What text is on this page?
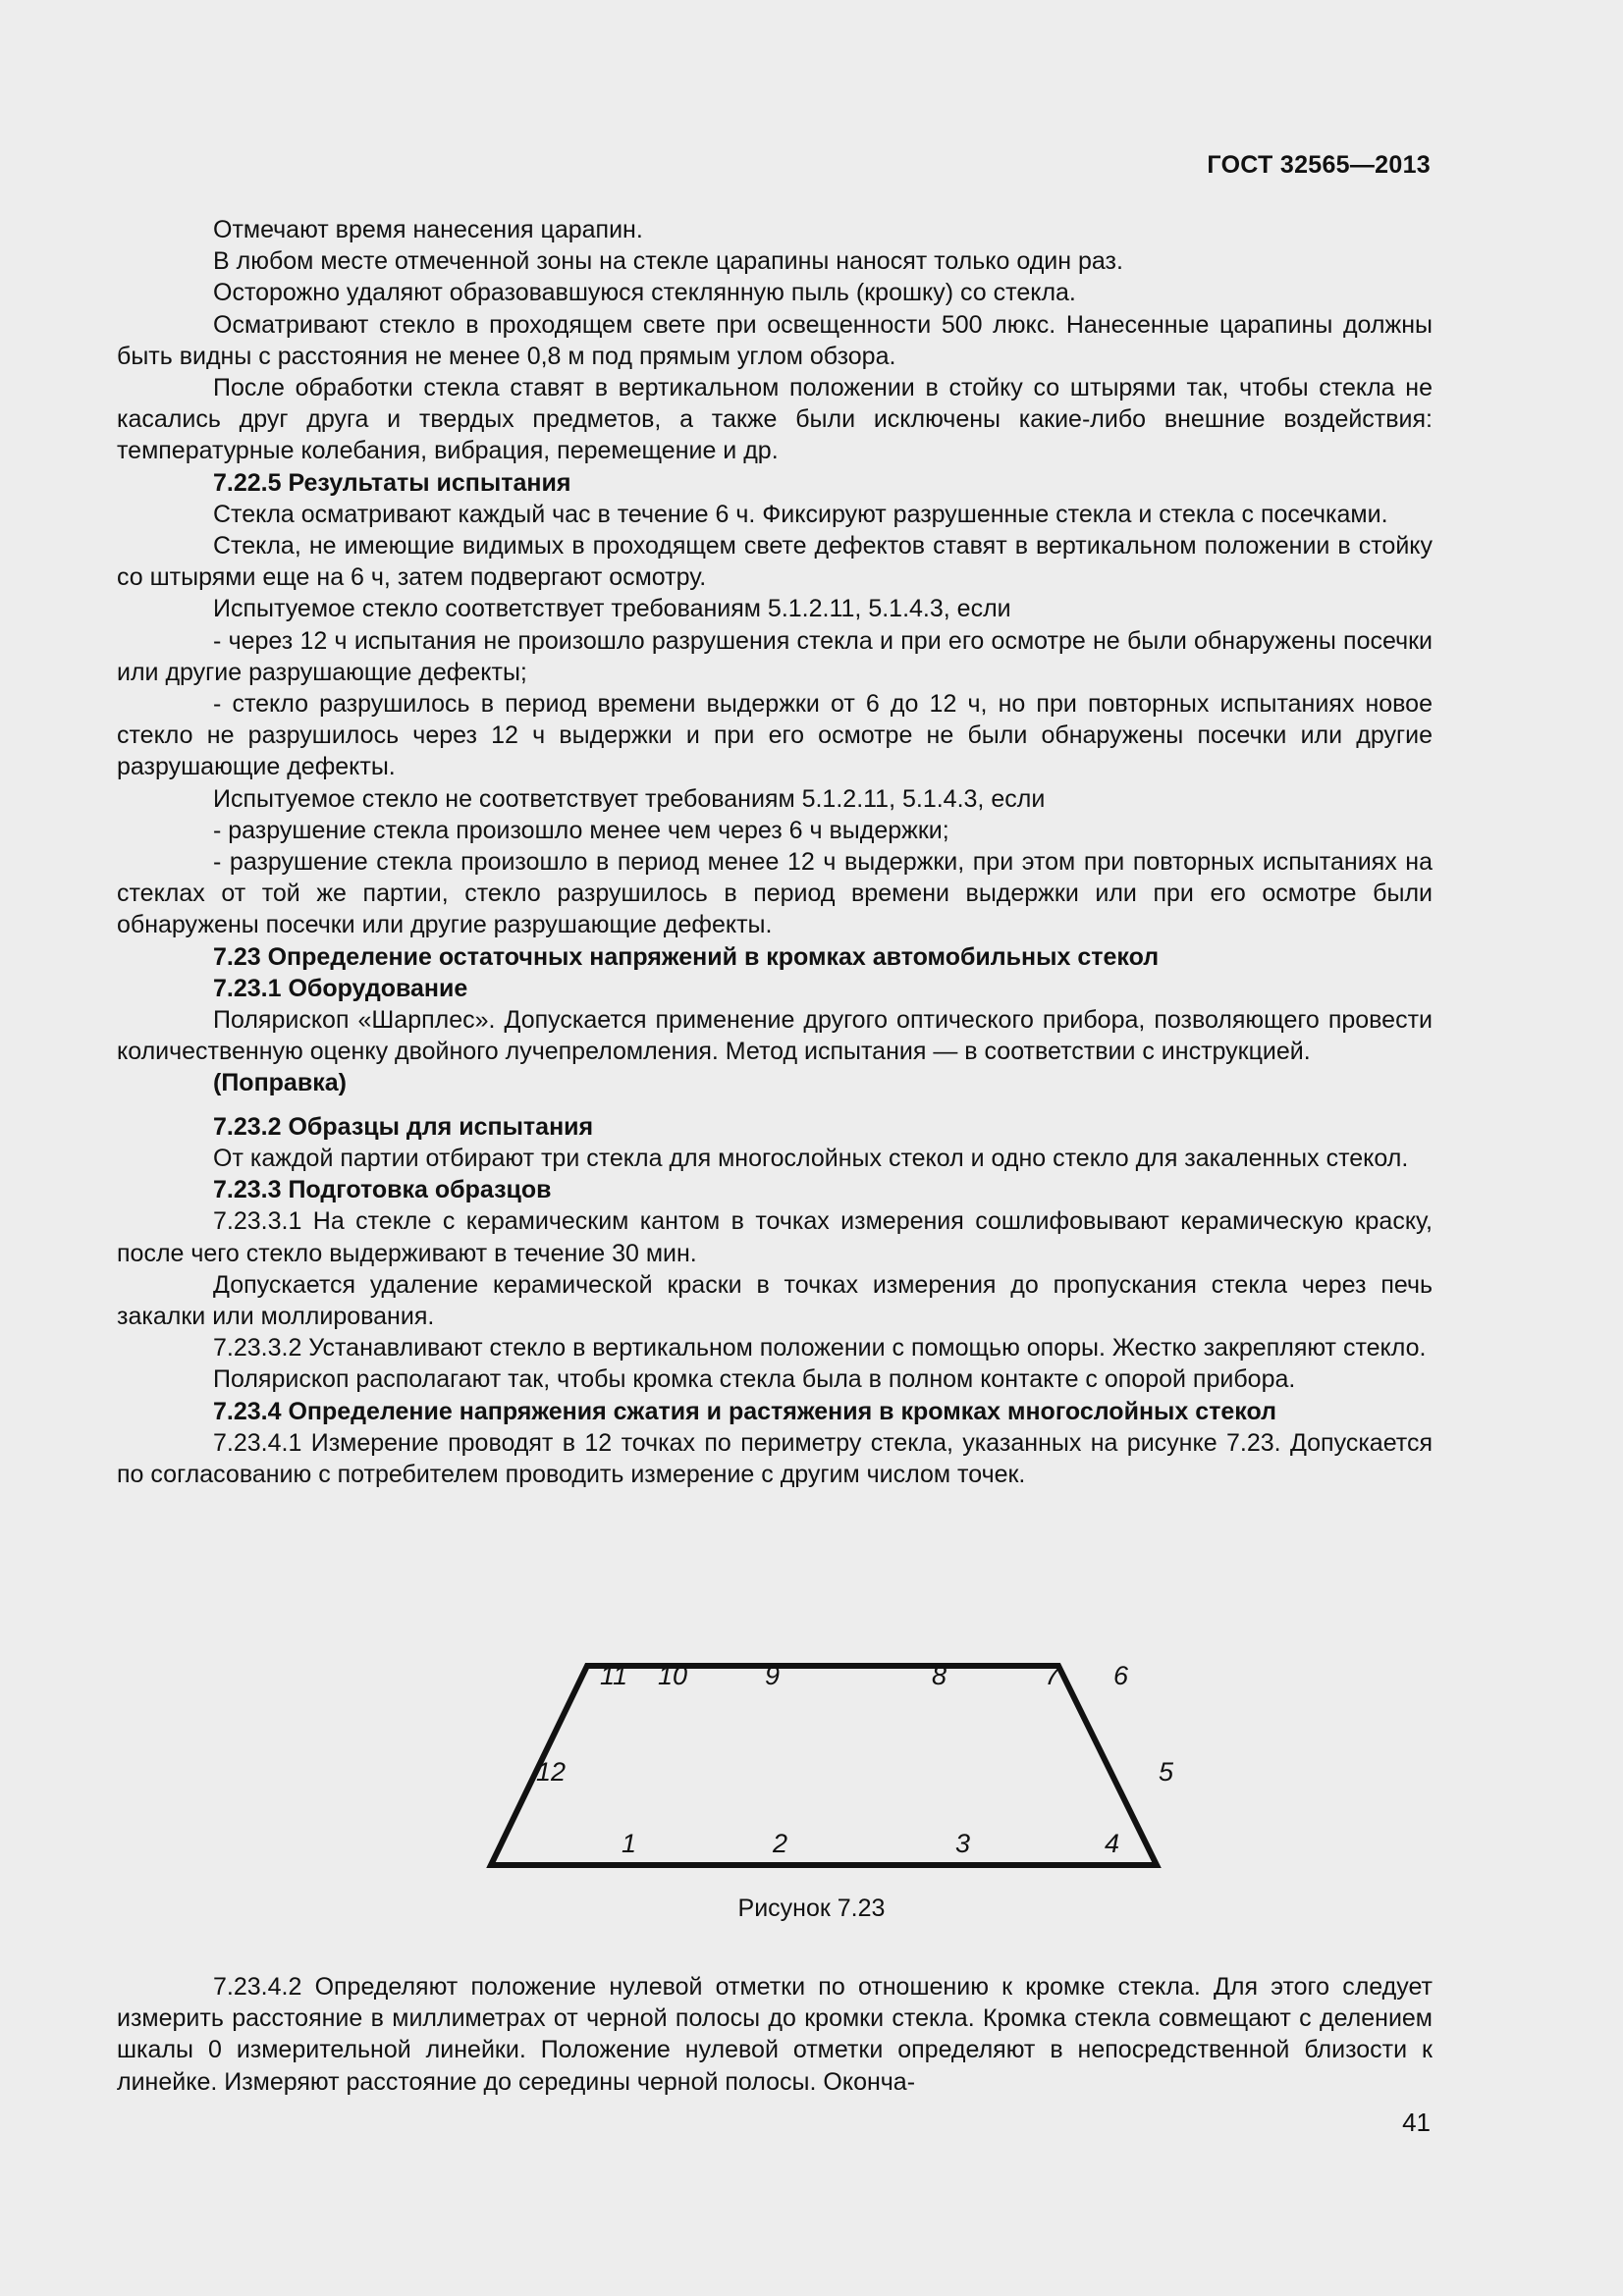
ГОСТ 32565—2013
Отмечают время нанесения царапин.
В любом месте отмеченной зоны на стекле царапины наносят только один раз.
Осторожно удаляют образовавшуюся стеклянную пыль (крошку) со стекла.
Осматривают стекло в проходящем свете при освещенности 500 люкс. Нанесенные царапины должны быть видны с расстояния не менее 0,8 м под прямым углом обзора.
После обработки стекла ставят в вертикальном положении в стойку со штырями так, чтобы стекла не касались друг друга и твердых предметов, а также были исключены какие-либо внешние воздействия: температурные колебания, вибрация, перемещение и др.
7.22.5 Результаты испытания
Стекла осматривают каждый час в течение 6 ч. Фиксируют разрушенные стекла и стекла с посечками.
Стекла, не имеющие видимых в проходящем свете дефектов ставят в вертикальном положении в стойку со штырями еще на 6 ч, затем подвергают осмотру.
Испытуемое стекло соответствует требованиям 5.1.2.11, 5.1.4.3, если
- через 12 ч испытания не произошло разрушения стекла и при его осмотре не были обнаружены посечки или другие разрушающие дефекты;
- стекло разрушилось в период времени выдержки от 6 до 12 ч, но при повторных испытаниях новое стекло не разрушилось через 12 ч выдержки и при его осмотре не были обнаружены посечки или другие разрушающие дефекты.
Испытуемое стекло не соответствует требованиям 5.1.2.11, 5.1.4.3, если
- разрушение стекла произошло менее чем через 6 ч выдержки;
- разрушение стекла произошло в период менее 12 ч выдержки, при этом при повторных испытаниях на стеклах от той же партии, стекло разрушилось в период времени выдержки или при его осмотре были обнаружены посечки или другие разрушающие дефекты.
7.23 Определение остаточных напряжений в кромках автомобильных стекол
7.23.1 Оборудование
Полярископ «Шарплес». Допускается применение другого оптического прибора, позволяющего провести количественную оценку двойного лучепреломления. Метод испытания — в соответствии с инструкцией.
(Поправка)
7.23.2 Образцы для испытания
От каждой партии отбирают три стекла для многослойных стекол и одно стекло для закаленных стекол.
7.23.3 Подготовка образцов
7.23.3.1 На стекле с керамическим кантом в точках измерения сошлифовывают керамическую краску, после чего стекло выдерживают в течение 30 мин.
Допускается удаление керамической краски в точках измерения до пропускания стекла через печь закалки или моллирования.
7.23.3.2 Устанавливают стекло в вертикальном положении с помощью опоры. Жестко закрепляют стекло.
Полярископ располагают так, чтобы кромка стекла была в полном контакте с опорой прибора.
7.23.4 Определение напряжения сжатия и растяжения в кромках многослойных стекол
7.23.4.1 Измерение проводят в 12 точках по периметру стекла, указанных на рисунке 7.23. Допускается по согласованию с потребителем проводить измерение с другим числом точек.
11 10	9	8	7 6
12	5
1	2	3	4
Рисунок 7.23
7.23.4.2 Определяют положение нулевой отметки по отношению к кромке стекла. Для этого следует измерить расстояние в миллиметрах от черной полосы до кромки стекла. Кромка стекла совмещают с делением шкалы 0 измерительной линейки. Положение нулевой отметки определяют в непосредственной близости к линейке. Измеряют расстояние до середины черной полосы. Оконча-
41
